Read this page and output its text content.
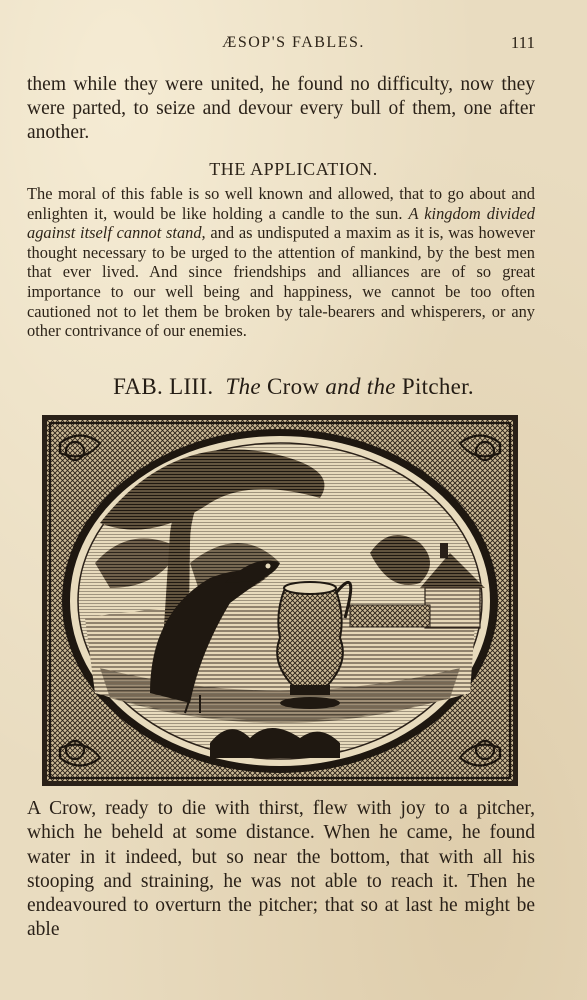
ÆSOP'S FABLES.	111

them while they were united, he found no difficulty, now they were parted, to seize and devour every bull of them, one after another.

THE APPLICATION.

The moral of this fable is so well known and allowed, that to go about and enlighten it, would be like holding a candle to the sun. A kingdom divided against itself cannot stand, and as undisputed a maxim as it is, was however thought necessary to be urged to the attention of mankind, by the best men that ever lived. And since friendships and alliances are of so great importance to our well being and happiness, we cannot be too often cautioned not to let them be broken by tale-bearers and whisperers, or any other contrivance of our enemies.

FAB. LIII. The Crow and the Pitcher.

A Crow, ready to die with thirst, flew with joy to a pitcher, which he beheld at some distance. When he came, he found water in it indeed, but so near the bottom, that with all his stooping and straining, he was not able to reach it. Then he endeavoured to overturn the pitcher; that so at last he might be able
